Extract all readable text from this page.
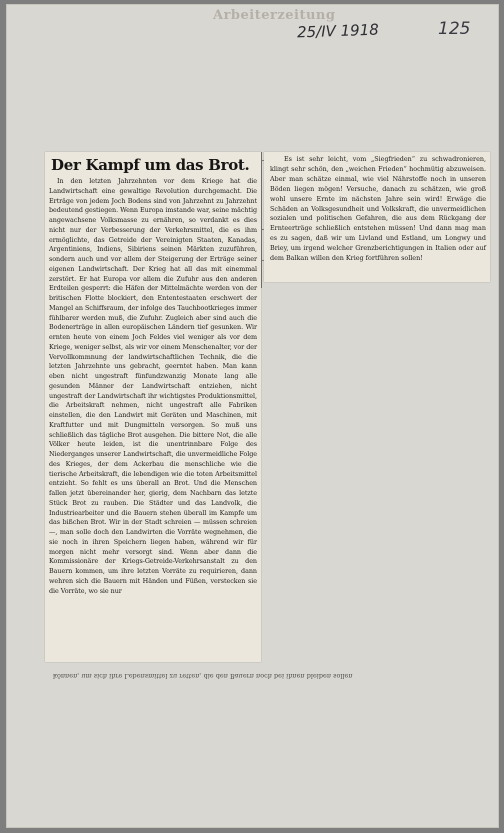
Arbeiterzeitung
25/IV 1918	125
Der Kampf um das Brot.

In den letzten Jahrzehnten vor dem Kriege hat die Landwirtschaft eine gewaltige Revolution durchgemacht. Die Erträge von jedem Joch Bodens sind von Jahrzehnt zu Jahrzehnt bedeutend gestiegen. Wenn Europa imstande war, seine mächtig angewachsene Volksmasse zu ernähren, so verdankt es dies nicht nur der Verbesserung der Verkehrsmittel, die es ihm ermöglichte, das Getreide der Vereinigten Staaten, Kanadas, Argentiniens, Indiens, Sibiriens seinen Märkten zuzuführen, sondern auch und vor allem der Steigerung der Erträge seiner eigenen Landwirtschaft. Der Krieg hat all das mit einemmal zerstört. Er hat Europa vor allem die Zufuhr aus den anderen Erdteilen gesperrt: die Häfen der Mittelmächte werden von der britischen Flotte blockiert, den Ententestaaten erschwert der Mangel an Schiffsraum, der infolge des Tauchbootkrieges immer fühlbarer werden muß, die Zufuhr. Zugleich aber sind auch die Bodenerträge in allen europäischen Ländern tief gesunken. Wir ernten heute von einem Joch Feldes viel weniger als vor dem Kriege, weniger selbst, als wir vor einem Menschenalter, vor der Vervollkommnung der landwirtschaftlichen Technik, die die letzten Jahrzehnte uns gebracht, geerntet haben. Man kann eben nicht ungestraft fünfundzwanzig Monate lang alle gesunden Männer der Landwirtschaft entziehen, nicht ungestraft der Landwirtschaft ihr wichtigstes Produktionsmittel, die Arbeitskraft nehmen, nicht ungestraft alle Fabriken einstellen, die den Landwirt mit Geräten und Maschinen, mit Kraftfutter und mit Dungmitteln versorgen. So muß uns schließlich das tägliche Brot ausgehen. Die bittere Not, die alle Völker heute leiden, ist die unentrinnbare Folge des Niederganges unserer Landwirtschaft, die unvermeidliche Folge des Krieges, der dem Ackerbau die menschliche wie die tierische Arbeitskraft, die lebendigen wie die toten Arbeitsmittel entzieht. So fehlt es uns überall an Brot. Und die Menschen fallen jetzt übereinander her, gierig, dem Nachbarn das letzte Stück Brot zu rauben. Die Städter und das Landvolk, die Industriearbeiter und die Bauern stehen überall im Kampfe um das bißchen Brot. Wir in der Stadt schreien — müssen schreien —, man solle doch den Landwirten die Vorräte wegnehmen, die sie noch in ihren Speichern liegen haben, während wir für morgen nicht mehr versorgt sind. Wenn aber dann die Kommissionäre der Kriegs-Getreide-Verkehrsanstalt zu den Bauern kommen, um ihre letzten Vorräte zu requirieren, dann wehren sich die Bauern mit Händen und Füßen, verstecken sie die Vorräte, wo sie nur

können, um sich ihre Lebensmittel zu retten, die den Bauern noch bei ihnen bleiben sollen

Es ist sehr leicht, vom „Siegfrieden“ zu schwadronieren, klingt sehr schön, den „weichen Frieden“ hochmütig abzuweisen. Aber man schätze einmal, wie viel Nährstoffe noch in unseren Böden liegen mögen! Versuche, danach zu schätzen, wie groß wohl unsere Ernte im nächsten Jahre sein wird! Erwäge die Schäden an Volksgesundheit und Volkskraft, die unvermeidlichen sozialen und politischen Gefahren, die aus dem Rückgang der Ernteerträge schließlich entstehen müssen! Und dann mag man es zu sagen, daß wir um Livland und Estland, um Longwy und Briey, um irgend welcher Grenzberichtigungen in Italien oder auf dem Balkan willen den Krieg fortführen sollen!
